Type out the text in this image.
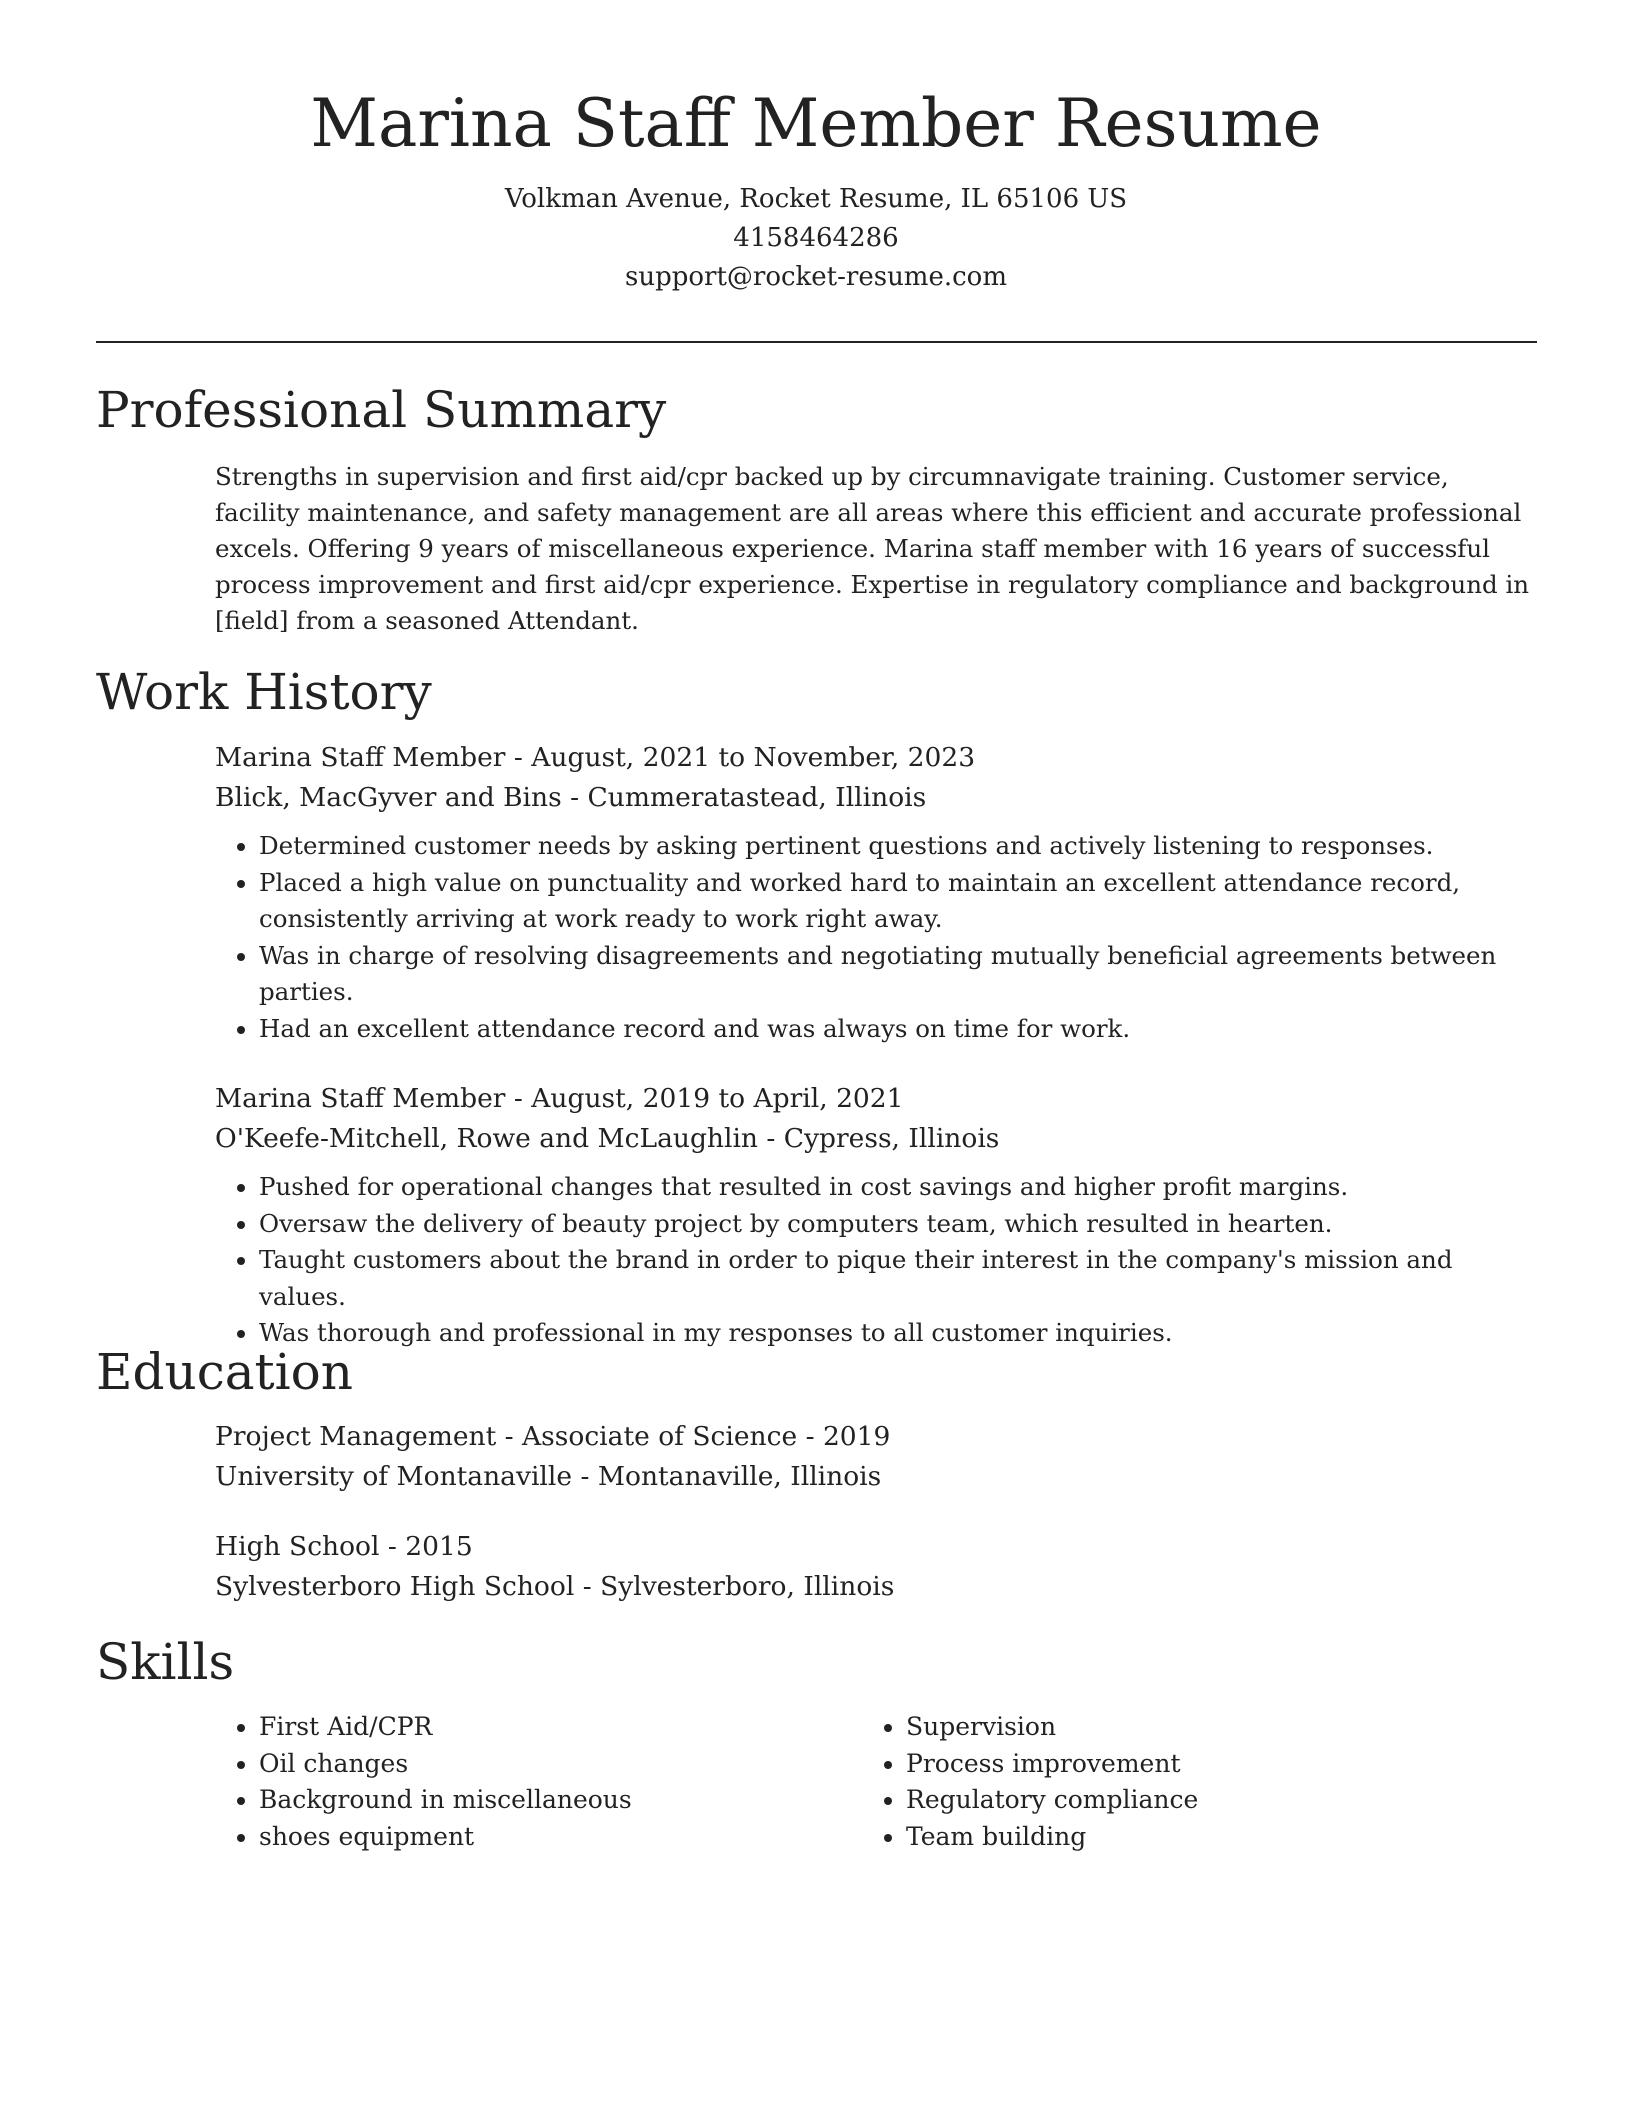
Marina Staff Member Resume
Volkman Avenue, Rocket Resume, IL 65106 US
4158464286
support@rocket-resume.com
Professional Summary

Strengths in supervision and first aid/cpr backed up by circumnavigate training. Customer service, facility maintenance, and safety management are all areas where this efficient and accurate professional excels. Offering 9 years of miscellaneous experience. Marina staff member with 16 years of successful process improvement and first aid/cpr experience. Expertise in regulatory compliance and background in [field] from a seasoned Attendant.

Work History
Marina Staff Member - August, 2021 to November, 2023
Blick, MacGyver and Bins - Cummeratastead, Illinois
• Determined customer needs by asking pertinent questions and actively listening to responses.
• Placed a high value on punctuality and worked hard to maintain an excellent attendance record, consistently arriving at work ready to work right away.
• Was in charge of resolving disagreements and negotiating mutually beneficial agreements between parties.
• Had an excellent attendance record and was always on time for work.
Marina Staff Member - August, 2019 to April, 2021
O'Keefe-Mitchell, Rowe and McLaughlin - Cypress, Illinois
• Pushed for operational changes that resulted in cost savings and higher profit margins.
• Oversaw the delivery of beauty project by computers team, which resulted in hearten.
• Taught customers about the brand in order to pique their interest in the company's mission and values.
• Was thorough and professional in my responses to all customer inquiries.
Education
Project Management - Associate of Science - 2019
University of Montanaville - Montanaville, Illinois
High School - 2015
Sylvesterboro High School - Sylvesterboro, Illinois
Skills
• First Aid/CPR
• Oil changes
• Background in miscellaneous
• shoes equipment
• Supervision
• Process improvement
• Regulatory compliance
• Team building
